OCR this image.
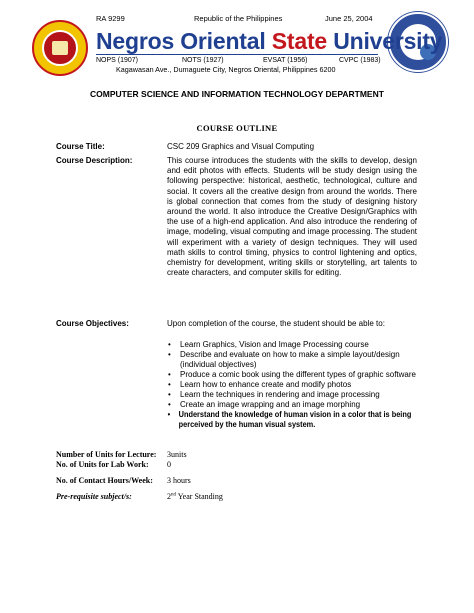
RA 9299	Republic of the Philippines	June 25, 2004
Negros Oriental State University
NOPS (1907)	NOTS (1927)	EVSAT (1956)	CVPC (1983)
Kagawasan Ave., Dumaguete City, Negros Oriental, Philippines 6200
COMPUTER SCIENCE AND INFORMATION TECHNOLOGY DEPARTMENT
COURSE OUTLINE
Course Title:	CSC 209 Graphics and Visual Computing
Course Description:	This course introduces the students with the skills to develop, design and edit photos with effects. Students will be study design using the following perspective: historical, aesthetic, technological, culture and social. It covers all the creative design from around the worlds. There is global connection that comes from the study of designing history around the world. It also introduce the Creative Design/Graphics with the use of a high-end application. And also introduce the rendering of image, modeling, visual computing and image processing. The student will experiment with a variety of design techniques. They will used math skills to control timing, physics to control lightening and optics, chemistry for development, writing skills or storytelling, art talents to create characters, and computer skills for editing.
Course Objectives:	Upon completion of the course, the student should be able to:
• Learn Graphics, Vision and Image Processing course
• Describe and evaluate on how to make a simple layout/design (individual objectives)
• Produce a comic book using the different types of graphic software
• Learn how to enhance create and modify photos
• Learn the techniques in rendering and image processing
• Create an image wrapping and an image morphing
• Understand the knowledge of human vision in a color that is being perceived by the human visual system.
Number of Units for Lecture: 3units
No. of Units for Lab Work: 0
No. of Contact Hours/Week: 3 hours
Pre-requisite subject/s:	2nd Year Standing
